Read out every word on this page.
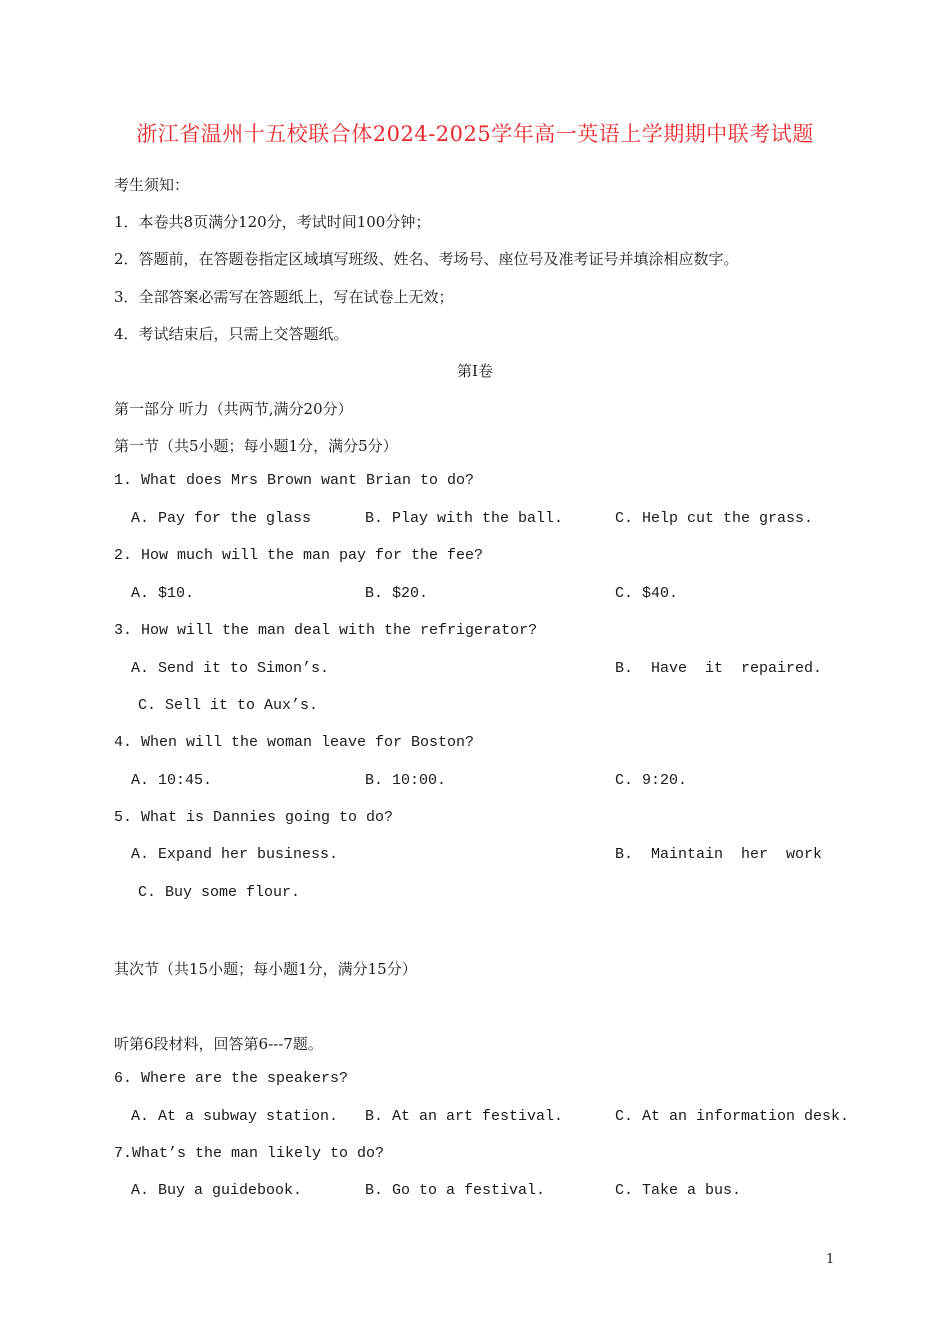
浙江省温州十五校联合体2024-2025学年高一英语上学期期中联考试题
考生须知：
1．本卷共8页满分120分，考试时间100分钟；
2．答题前，在答题卷指定区域填写班级、姓名、考场号、座位号及准考证号并填涂相应数字。
3．全部答案必需写在答题纸上，写在试卷上无效；
4．考试结束后，只需上交答题纸。
第Ⅰ卷
第一部分 听力（共两节,满分20分）
第一节（共5小题；每小题1分，满分5分）
1. What does Mrs Brown want Brian to do?
A. Pay for the glass	B. Play with the ball.	C. Help cut the grass.
2. How much will the man pay for the fee?
A. $10.	B. $20.	C. $40.
3. How will the man deal with the refrigerator?
A. Send it to Simon’s.	B.  Have  it  repaired.
C. Sell it to Aux’s.
4. When will the woman leave for Boston?
A. 10:45.	B. 10:00.	C. 9:20.
5. What is Dannies going to do?
A. Expand her business.	B.  Maintain  her  work
C. Buy some flour.
其次节（共15小题；每小题1分，满分15分）
听第6段材料，回答第6---7题。
6. Where are the speakers?
A. At a subway station. B. At an art festival.	C. At an information desk.
7.What’s the man likely to do?
A. Buy a guidebook.	B. Go to a festival.	C. Take a bus.
1
